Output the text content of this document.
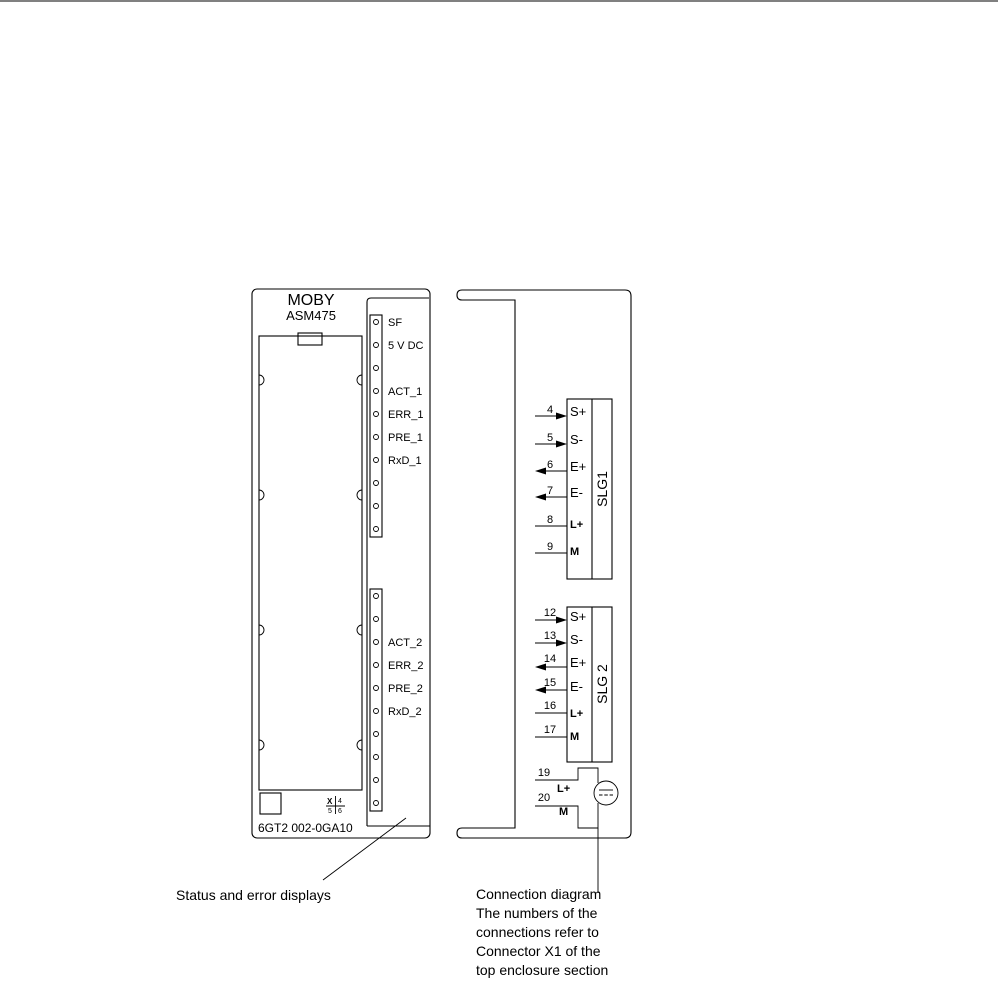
MOBY
ASM475	SF
5 V DC
ACT_1
ERR_1
PRE_1
RxD_1
ACT_2
ERR_2
PRE_2
RxD_2
X 4
5 6
6GT2 002-0GA10
SLG1
4 S+
5 S-
6 E+
7 E-
8 L+
9 M
SLG 2
12 S+
13 S-
14 E+
15 E-
16
L+
17
M
19
L+
20
M
Status and error displays	Connection diagram
The numbers of the
connections refer to
Connector X1 of the
top enclosure section
